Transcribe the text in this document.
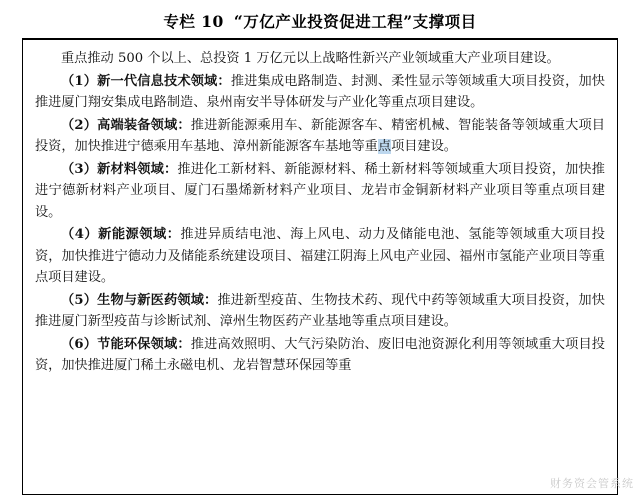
专栏 10 “万亿产业投资促进工程”支撑项目

重点推动 500 个以上、总投资 1 万亿元以上战略性新兴产业领域重大产业项目建设。

（1）新一代信息技术领域：推进集成电路制造、封测、柔性显示等领域重大项目投资，加快推进厦门翔安集成电路制造、泉州南安半导体研发与产业化等重点项目建设。

（2）高端装备领域：推进新能源乘用车、新能源客车、精密机械、智能装备等领域重大项目投资，加快推进宁德乘用车基地、漳州新能源客车基地等重点项目建设。

（3）新材料领域：推进化工新材料、新能源材料、稀土新材料等领域重大项目投资，加快推进宁德新材料产业项目、厦门石墨烯新材料产业项目、龙岩市金铜新材料产业项目等重点项目建设。

（4）新能源领域：推进异质结电池、海上风电、动力及储能电池、氢能等领域重大项目投资，加快推进宁德动力及储能系统建设项目、福建江阴海上风电产业园、福州市氢能产业项目等重点项目建设。

（5）生物与新医药领域：推进新型疫苗、生物技术药、现代中药等领域重大项目投资，加快推进厦门新型疫苗与诊断试剂、漳州生物医药产业基地等重点项目建设。

（6）节能环保领域：推进高效照明、大气污染防治、废旧电池资源化利用等领域重大项目投资，加快推进厦门稀土永磁电机、龙岩智慧环保园等重

财务资会管系统
